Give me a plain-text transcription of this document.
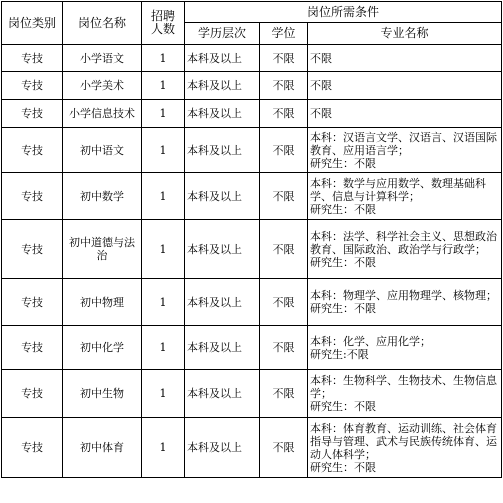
岗位类别	岗位名称	招聘人数	岗位所需条件		
			学历层次	学位	专业名称
专技	小学语文	1	本科及以上	不限	不限

专技	小学美术	1	本科及以上	不限	不限

专技	小学信息技术	1	本科及以上	不限	不限

专技	初中语文	1	本科及以上	不限	本科：汉语言文学、汉语言、汉语国际教育、应用语言学；
研究生：不限

专技	初中数学	1	本科及以上	不限	本科：数学与应用数学、数理基础科学、信息与计算科学；
研究生：不限

专技	初中道德与法治	1	本科及以上	不限	本科：法学、科学社会主义、思想政治教育、国际政治、政治学与行政学；
研究生：不限

专技	初中物理	1	本科及以上	不限	本科：物理学、应用物理学、核物理；
研究生：不限

专技	初中化学	1	本科及以上	不限	本科：化学、应用化学；
研究生:不限

专技	初中生物	1	本科及以上	不限	本科：生物科学、生物技术、生物信息学；
研究生：不限

专技	初中体育	1	本科及以上	不限	本科：体育教育、运动训练、社会体育指导与管理、武术与民族传统体育、运动人体科学；
研究生：不限
